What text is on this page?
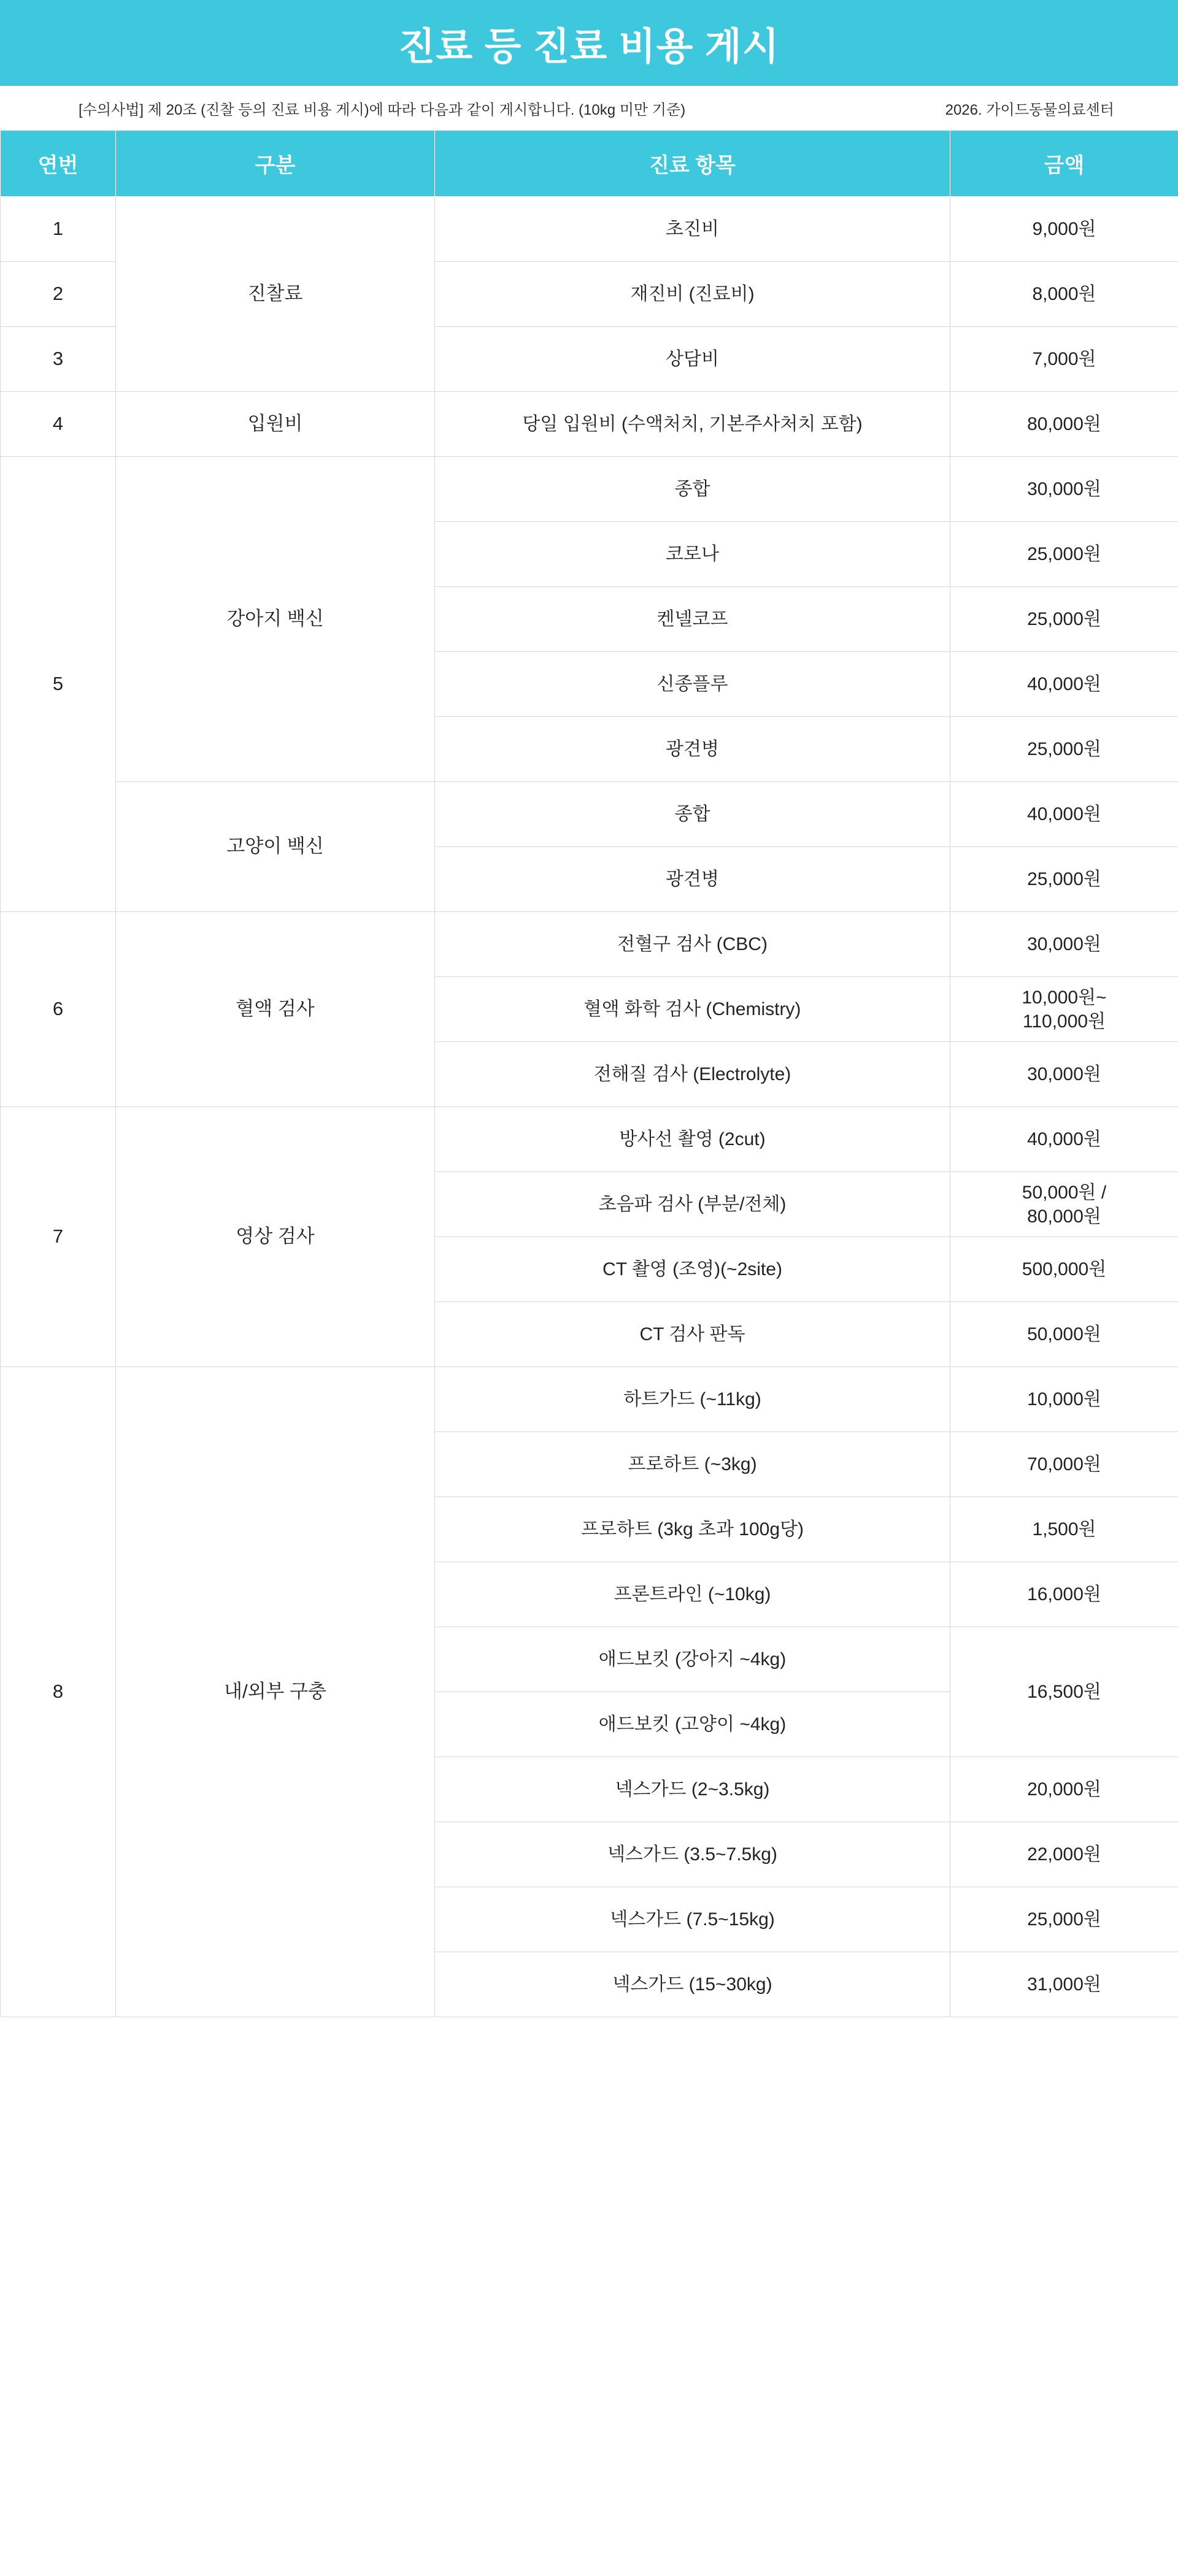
진료 등 진료 비용 게시
[수의사법] 제 20조 (진찰 등의 진료 비용 게시)에 따라 다음과 같이 게시합니다. (10kg 미만 기준)	2026. 가이드동물의료센터
연번	구분	진료 항목	금액
1	진찰료	초진비	9,000원
2		재진비 (진료비)	8,000원
3		상담비	7,000원
4	입원비	당일 입원비 (수액처치, 기본주사처치 포함)	80,000원
5	강아지 백신	종합	30,000원
		코로나	25,000원
		켄넬코프	25,000원
		신종플루	40,000원
		광견병	25,000원
	고양이 백신	종합	40,000원
		광견병	25,000원
6	혈액 검사	전혈구 검사 (CBC)	30,000원
		혈액 화학 검사 (Chemistry)	10,000원~
110,000원

		전해질 검사 (Electrolyte)	30,000원
7	영상 검사	방사선 촬영 (2cut)	40,000원
		초음파 검사 (부분/전체)	50,000원 /
80,000원

		CT 촬영 (조영)(~2site)	500,000원
		CT 검사 판독	50,000원
8	내/외부 구충	하트가드 (~11kg)	10,000원
		프로하트 (~3kg)	70,000원
		프로하트 (3kg 초과 100g당)	1,500원
		프론트라인 (~10kg)	16,000원
		애드보킷 (강아지 ~4kg)	16,500원
		애드보킷 (고양이 ~4kg)	
		넥스가드 (2~3.5kg)	20,000원
		넥스가드 (3.5~7.5kg)	22,000원
		넥스가드 (7.5~15kg)	25,000원
		넥스가드 (15~30kg)	31,000원
